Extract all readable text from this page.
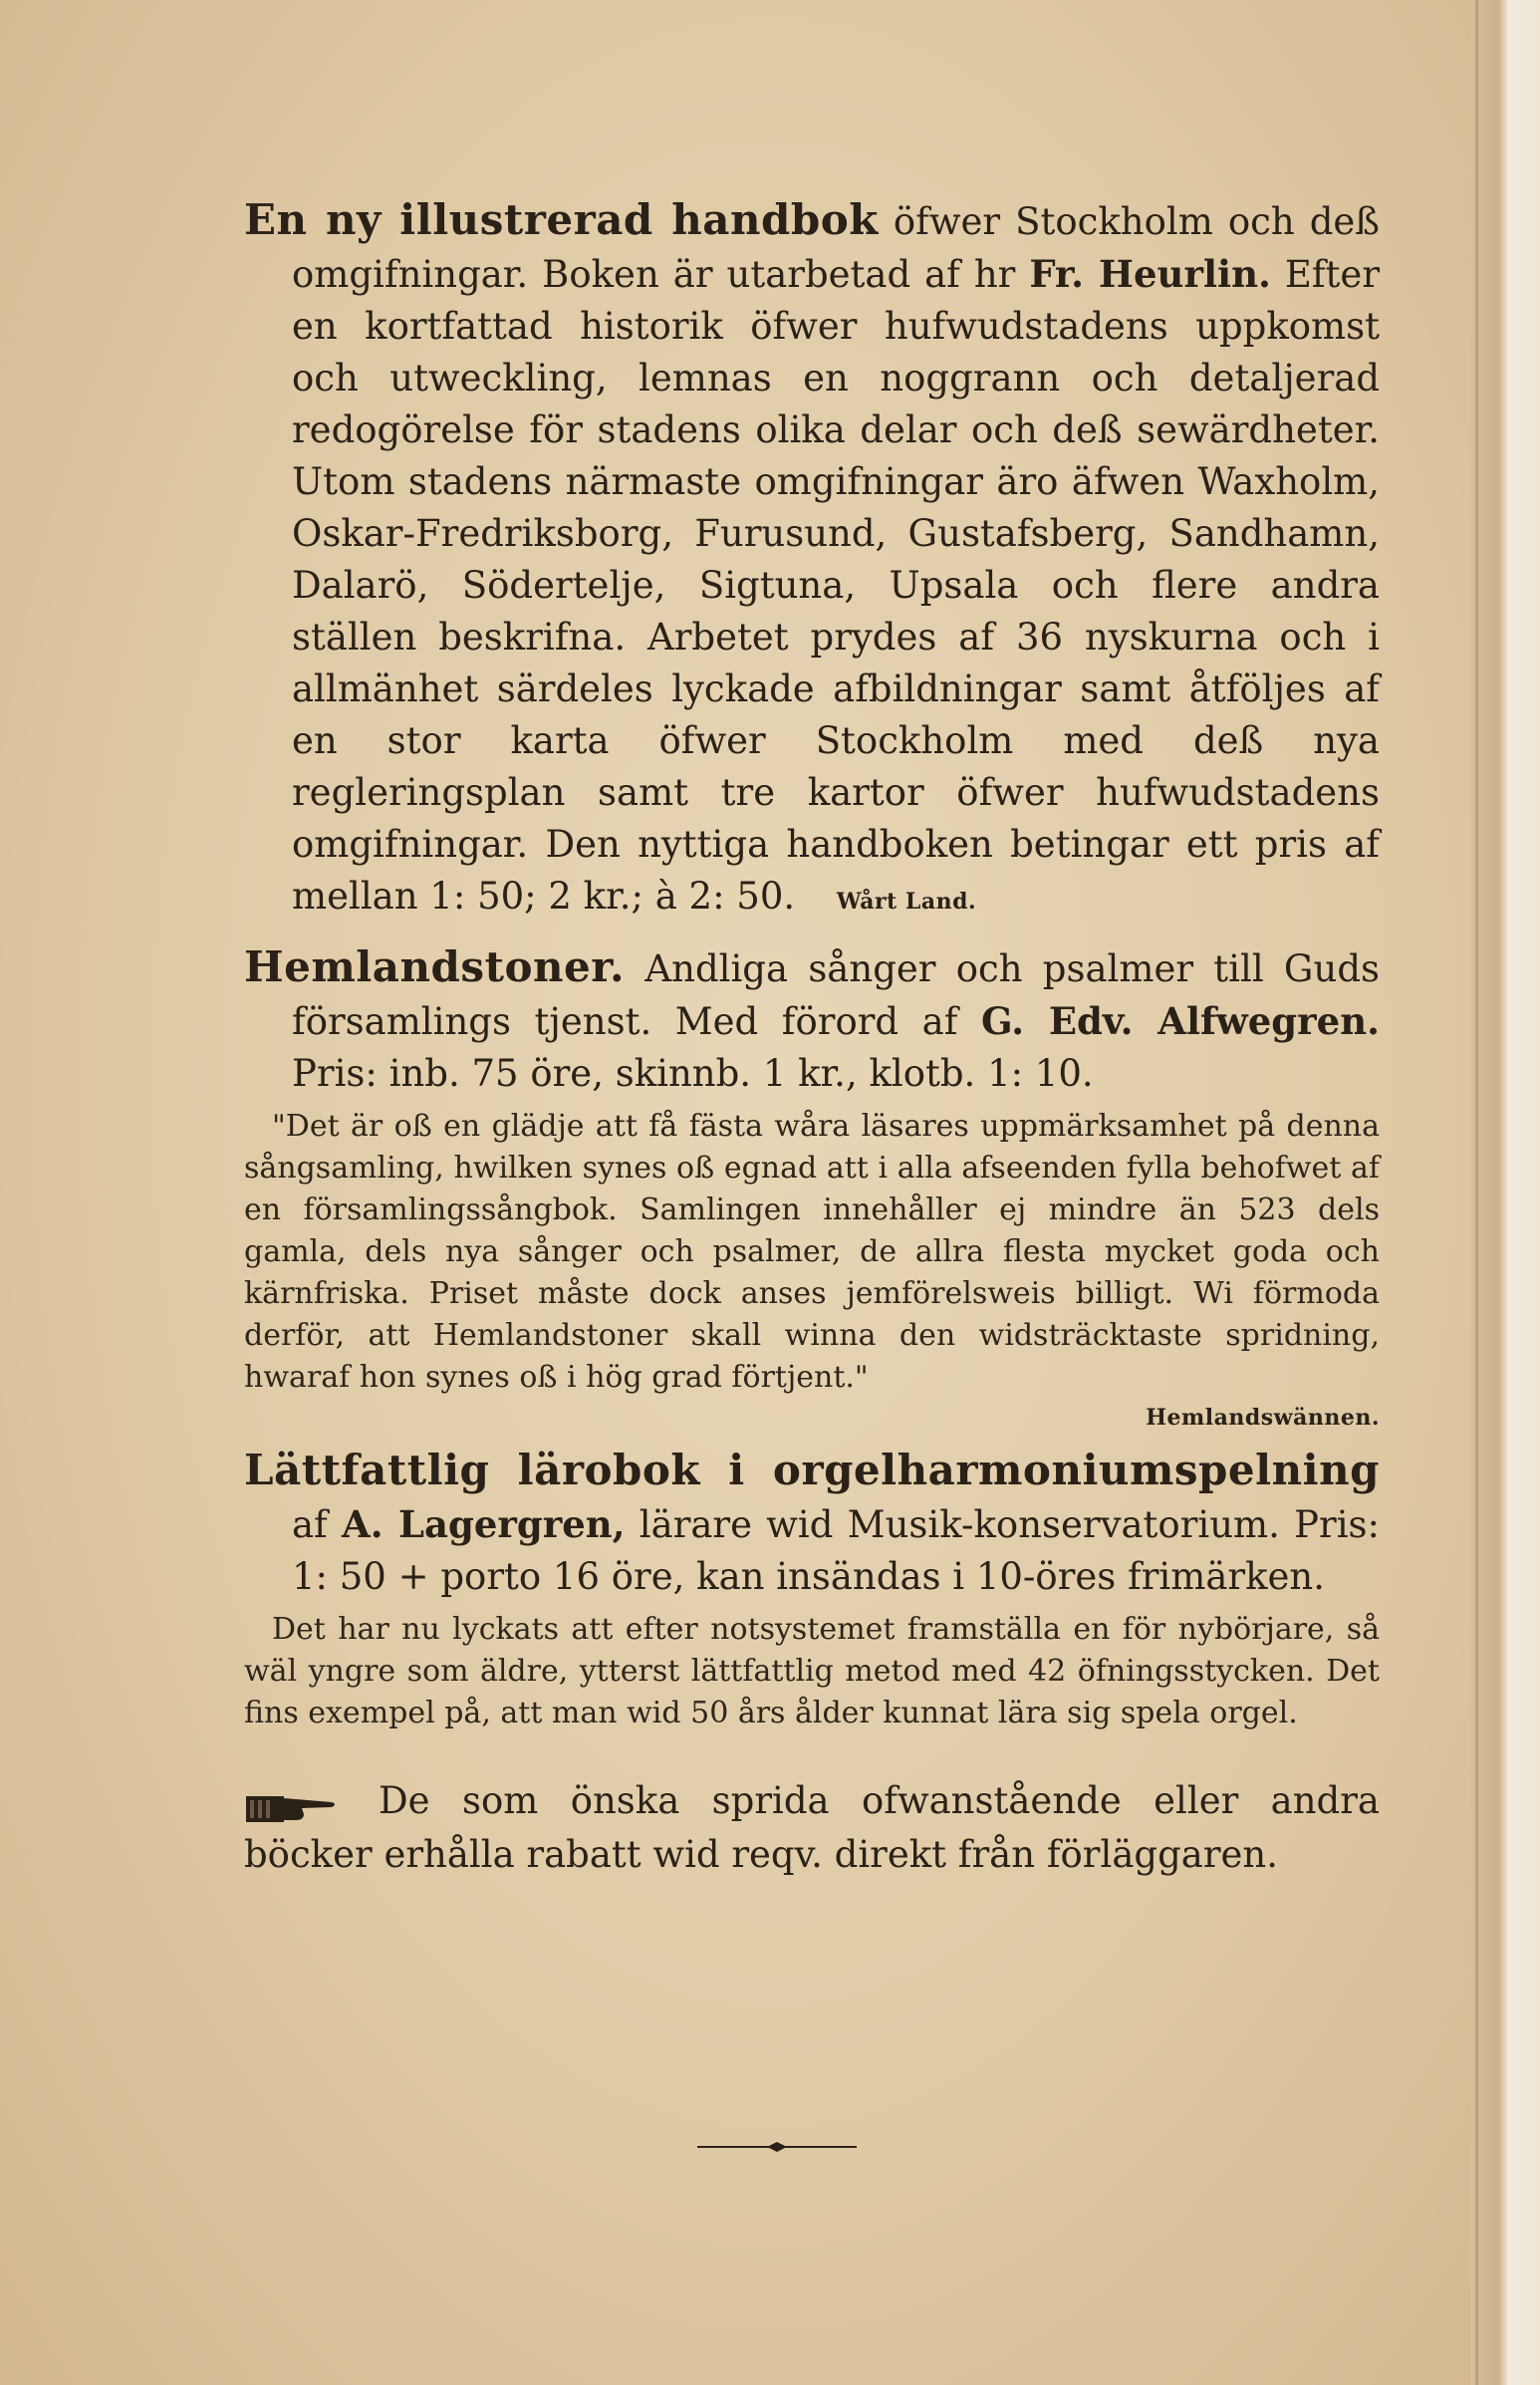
En ny illustrerad handbok öfwer Stockholm och deß omgifningar. Boken är utarbetad af hr Fr. Heurlin. Efter en kortfattad historik öfwer hufwudstadens uppkomst och utweckling, lemnas en noggrann och detaljerad redogörelse för stadens olika delar och deß sewärdheter. Utom stadens närmaste omgifningar äro äfwen Waxholm, Oskar-Fredriksborg, Furusund, Gustafsberg, Sandhamn, Dalarö, Södertelje, Sigtuna, Upsala och flere andra ställen beskrifna. Arbetet prydes af 36 nyskurna och i allmänhet särdeles lyckade afbildningar samt åtföljes af en stor karta öfwer Stockholm med deß nya regleringsplan samt tre kartor öfwer hufwudstadens omgifningar. Den nyttiga handboken betingar ett pris af mellan 1: 50; 2 kr.; à 2: 50. Wårt Land.

Hemlandstoner. Andliga sånger och psalmer till Guds församlings tjenst. Med förord af G. Edv. Alfwegren. Pris: inb. 75 öre, skinnb. 1 kr., klotb. 1: 10.

"Det är oß en glädje att få fästa wåra läsares uppmärksamhet på denna sångsamling, hwilken synes oß egnad att i alla afseenden fylla behofwet af en församlingssångbok. Samlingen innehåller ej mindre än 523 dels gamla, dels nya sånger och psalmer, de allra flesta mycket goda och kärnfriska. Priset måste dock anses jemförelsweis billigt. Wi förmoda derför, att Hemlandstoner skall winna den widsträcktaste spridning, hwaraf hon synes oß i hög grad förtjent."

Hemlandswännen.

Lättfattlig lärobok i orgelharmoniumspelning af A. Lagergren, lärare wid Musik-konservatorium. Pris: 1: 50 + porto 16 öre, kan insändas i 10-öres frimärken.

Det har nu lyckats att efter notsystemet framställa en för nybörjare, så wäl yngre som äldre, ytterst lättfattlig metod med 42 öfningsstycken. Det fins exempel på, att man wid 50 års ålder kunnat lära sig spela orgel.

De som önska sprida ofwanstående eller andra böcker erhålla rabatt wid reqv. direkt från förläggaren.
